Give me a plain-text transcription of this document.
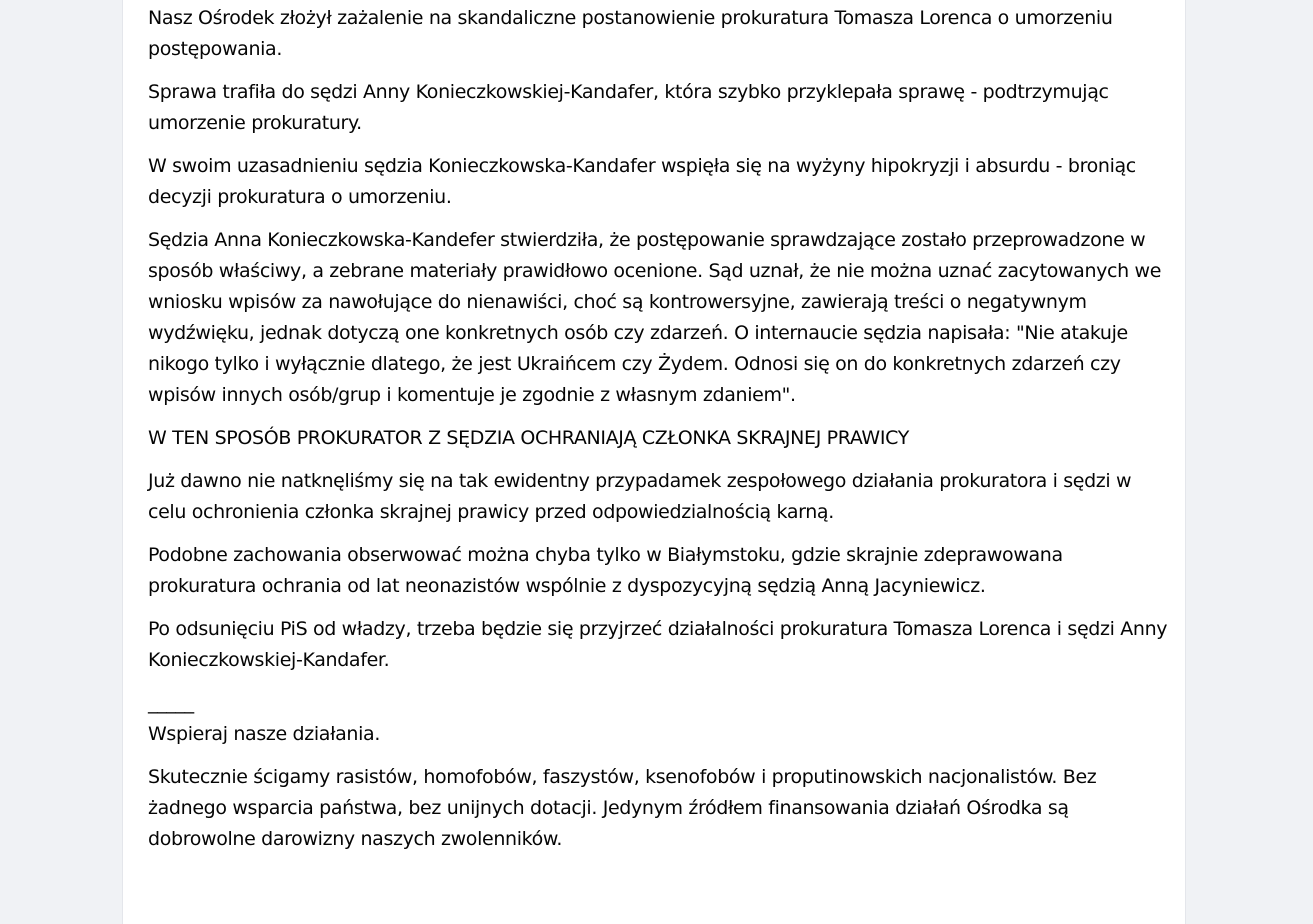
Nasz Ośrodek złożył zażalenie na skandaliczne postanowienie prokuratura Tomasza Lorenca o umorzeniu postępowania.

Sprawa trafiła do sędzi Anny Konieczkowskiej-Kandafer, która szybko przyklepała sprawę - podtrzymując umorzenie prokuratury.

W swoim uzasadnieniu sędzia Konieczkowska-Kandafer wspięła się na wyżyny hipokryzji i absurdu - broniąc decyzji prokuratura o umorzeniu.

Sędzia Anna Konieczkowska-Kandefer stwierdziła, że postępowanie sprawdzające zostało przeprowadzone w sposób właściwy, a zebrane materiały prawidłowo ocenione. Sąd uznał, że nie można uznać zacytowanych we wniosku wpisów za nawołujące do nienawiści, choć są kontrowersyjne, zawierają treści o negatywnym wydźwięku, jednak dotyczą one konkretnych osób czy zdarzeń. O internaucie sędzia napisała: "Nie atakuje nikogo tylko i wyłącznie dlatego, że jest Ukraińcem czy Żydem. Odnosi się on do konkretnych zdarzeń czy wpisów innych osób/grup i komentuje je zgodnie z własnym zdaniem".

W TEN SPOSÓB PROKURATOR Z SĘDZIA OCHRANIAJĄ CZŁONKA SKRAJNEJ PRAWICY

Już dawno nie natknęliśmy się na tak ewidentny przypadamek zespołowego działania prokuratora i sędzi w celu ochronienia członka skrajnej prawicy przed odpowiedzialnością karną.

Podobne zachowania obserwować można chyba tylko w Białymstoku, gdzie skrajnie zdeprawowana prokuratura ochrania od lat neonazistów wspólnie z dyspozycyjną sędzią Anną Jacyniewicz.

Po odsunięciu PiS od władzy, trzeba będzie się przyjrzeć działalności prokuratura Tomasza Lorenca i sędzi Anny Konieczkowskiej-Kandafer.

_____

Wspieraj nasze działania.

Skutecznie ścigamy rasistów, homofobów, faszystów, ksenofobów i proputinowskich nacjonalistów. Bez żadnego wsparcia państwa, bez unijnych dotacji. Jedynym źródłem finansowania działań Ośrodka są dobrowolne darowizny naszych zwolenników.
